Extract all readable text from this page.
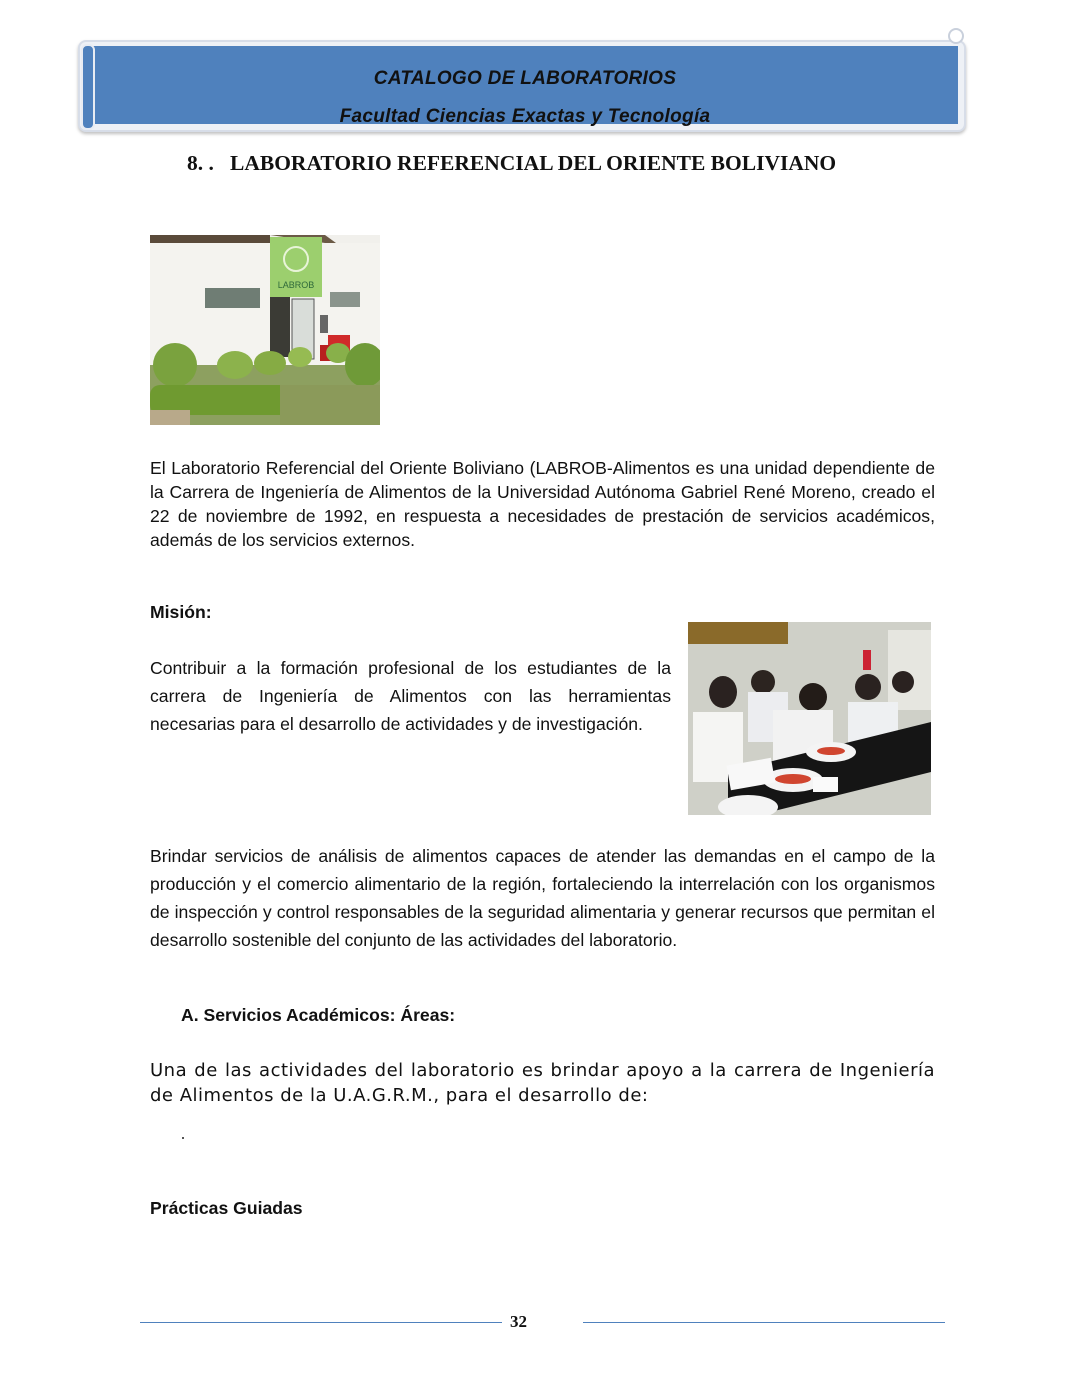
CATALOGO DE LABORATORIOS
Facultad Ciencias Exactas y Tecnología
8. .   LABORATORIO REFERENCIAL DEL ORIENTE BOLIVIANO
LABROB
El Laboratorio Referencial del Oriente Boliviano (LABROB-Alimentos es una unidad dependiente de la Carrera de Ingeniería de Alimentos de la Universidad Autónoma Gabriel René Moreno, creado el 22 de noviembre de 1992, en respuesta a necesidades de prestación de servicios académicos, además de los servicios externos.
Misión:
Contribuir a la formación profesional de los estudiantes de la carrera de Ingeniería de Alimentos con las herramientas necesarias para el desarrollo de actividades y de investigación.
Brindar servicios de análisis de alimentos capaces de atender las demandas en el campo de la producción y el comercio alimentario de la región, fortaleciendo la interrelación con los organismos de inspección y control responsables de la seguridad alimentaria y generar recursos que permitan el desarrollo sostenible del conjunto de las actividades del laboratorio.
A. Servicios Académicos: Áreas:
Una de las actividades del laboratorio es brindar apoyo a la carrera de Ingeniería de Alimentos de la U.A.G.R.M., para el desarrollo de:
Prácticas Guiadas
32
